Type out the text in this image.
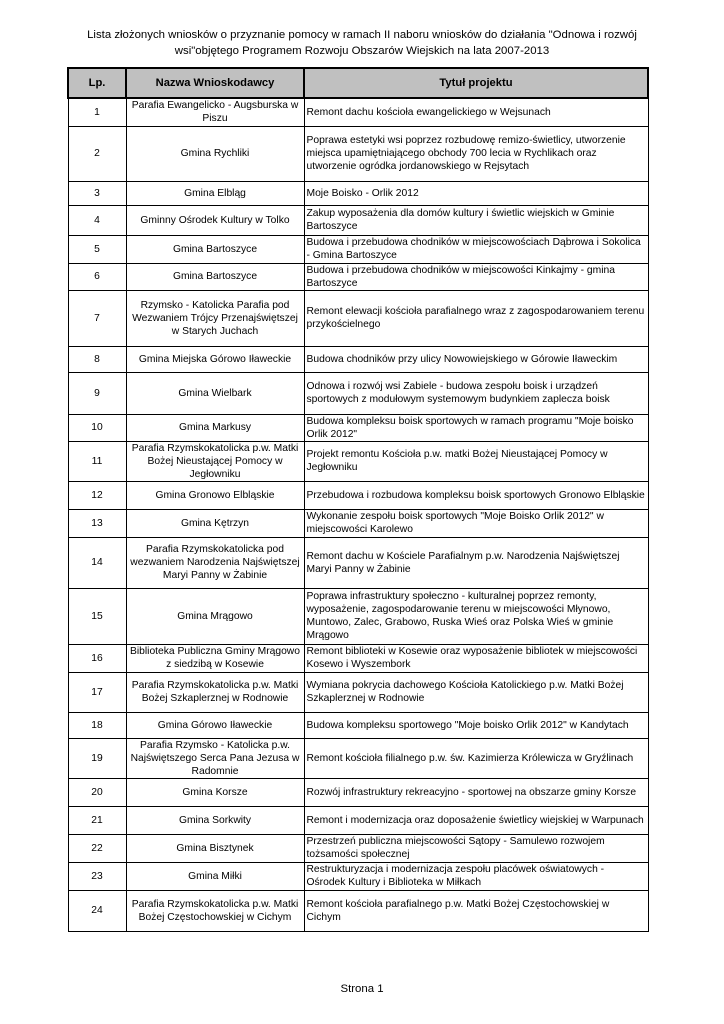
Lista złożonych wniosków o przyznanie pomocy w ramach II naboru wniosków do działania "Odnowa i rozwój
wsi"objętego Programem Rozwoju Obszarów Wiejskich na lata 2007-2013
Lp.	Nazwa Wnioskodawcy	Tytuł projektu
1	Parafia Ewangelicko - Augsburska w Piszu	Remont dachu kościoła ewangelickiego w Wejsunach
2	Gmina Rychliki	Poprawa estetyki wsi poprzez rozbudowę remizo-świetlicy, utworzenie miejsca upamiętniającego obchody 700 lecia w Rychlikach oraz utworzenie ogródka jordanowskiego w Rejsytach
3	Gmina Elbląg	Moje Boisko - Orlik 2012
4	Gminny Ośrodek Kultury w Tolko	Zakup wyposażenia dla domów kultury i świetlic wiejskich w Gminie Bartoszyce
5	Gmina Bartoszyce	Budowa i przebudowa chodników w miejscowościach Dąbrowa i Sokolica - Gmina Bartoszyce
6	Gmina Bartoszyce	Budowa i przebudowa chodników w miejscowości Kinkajmy - gmina Bartoszyce
7	Rzymsko - Katolicka Parafia pod Wezwaniem Trójcy Przenajświętszej w Starych Juchach	Remont elewacji kościoła parafialnego wraz z zagospodarowaniem terenu przykościelnego
8	Gmina Miejska Górowo Iławeckie	Budowa chodników przy ulicy Nowowiejskiego w Górowie Iławeckim
9	Gmina Wielbark	Odnowa i rozwój wsi Zabiele - budowa zespołu boisk i urządzeń sportowych z modułowym systemowym budynkiem zaplecza boisk
10	Gmina Markusy	Budowa kompleksu boisk sportowych w ramach programu "Moje boisko Orlik 2012"
11	Parafia Rzymskokatolicka p.w. Matki Bożej Nieustającej Pomocy w Jegłowniku	Projekt remontu Kościoła p.w. matki Bożej Nieustającej Pomocy w Jegłowniku
12	Gmina Gronowo Elbląskie	Przebudowa i rozbudowa kompleksu boisk sportowych Gronowo Elbląskie
13	Gmina Kętrzyn	Wykonanie zespołu boisk sportowych "Moje Boisko Orlik 2012" w miejscowości Karolewo
14	Parafia Rzymskokatolicka pod wezwaniem Narodzenia Najświętszej Maryi Panny w Żabinie	Remont dachu w Kościele Parafialnym p.w. Narodzenia Najświętszej Maryi Panny w Żabinie
15	Gmina Mrągowo	Poprawa infrastruktury społeczno - kulturalnej poprzez remonty, wyposażenie, zagospodarowanie terenu w miejscowości Młynowo, Muntowo, Zalec, Grabowo, Ruska Wieś oraz Polska Wieś w gminie Mrągowo
16	Biblioteka Publiczna Gminy Mrągowo z siedzibą w Kosewie	Remont biblioteki w Kosewie oraz wyposażenie bibliotek w miejscowości Kosewo i Wyszembork
17	Parafia Rzymskokatolicka p.w. Matki Bożej Szkaplerznej w Rodnowie	Wymiana pokrycia dachowego Kościoła Katolickiego p.w. Matki Bożej Szkaplerznej w Rodnowie
18	Gmina Górowo Iławeckie	Budowa kompleksu sportowego "Moje boisko Orlik 2012" w Kandytach
19	Parafia Rzymsko - Katolicka p.w. Najświętszego Serca Pana Jezusa w Radomnie	Remont kościoła filialnego p.w. św. Kazimierza Królewicza w Gryźlinach
20	Gmina Korsze	Rozwój infrastruktury rekreacyjno - sportowej na obszarze gminy Korsze
21	Gmina Sorkwity	Remont i modernizacja oraz doposażenie świetlicy wiejskiej w Warpunach
22	Gmina Bisztynek	Przestrzeń publiczna miejscowości Sątopy - Samulewo rozwojem tożsamości społecznej
23	Gmina Miłki	Restrukturyzacja i modernizacja zespołu placówek oświatowych - Ośrodek Kultury i Biblioteka w Miłkach
24	Parafia Rzymskokatolicka p.w. Matki Bożej Częstochowskiej w Cichym	Remont kościoła parafialnego p.w. Matki Bożej Częstochowskiej w Cichym
Strona 1
